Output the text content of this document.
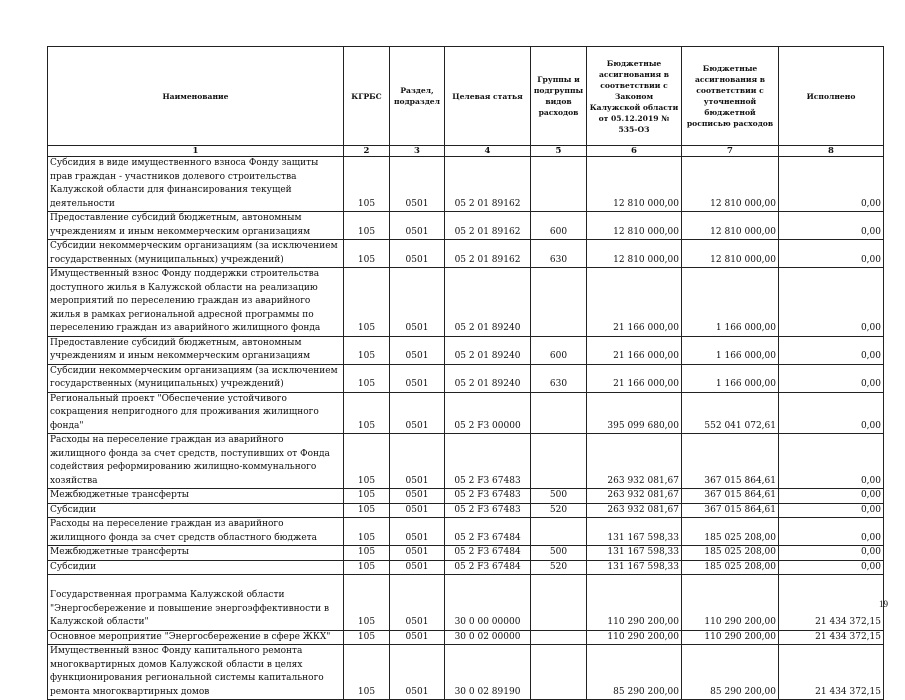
Наименование	КГРБС	Раздел, подраздел	Целевая статья	Группы и подгруппы видов расходов	Бюджетные ассигнования в соответствии с Законом Калужской области от 05.12.2019 № 535-ОЗ	Бюджетные ассигнования в соответствии с уточненной бюджетной росписью расходов	Исполнено
1	2	3	4	5	6	7	8
Субсидия в виде имущественного взноса Фонду защиты прав граждан - участников долевого строительства Калужской области для финансирования текущей деятельности	105	0501	05 2 01 89162		12 810 000,00	12 810 000,00	0,00
Предоставление субсидий бюджетным, автономным учреждениям и иным некоммерческим организациям	105	0501	05 2 01 89162	600	12 810 000,00	12 810 000,00	0,00
Субсидии некоммерческим организациям (за исключением государственных (муниципальных) учреждений)	105	0501	05 2 01 89162	630	12 810 000,00	12 810 000,00	0,00
Имущественный взнос Фонду поддержки строительства доступного жилья в Калужской области на реализацию мероприятий по переселению граждан из аварийного жилья в рамках региональной адресной программы по переселению граждан из аварийного жилищного фонда	105	0501	05 2 01 89240		21 166 000,00	1 166 000,00	0,00
Предоставление субсидий бюджетным, автономным учреждениям и иным некоммерческим организациям	105	0501	05 2 01 89240	600	21 166 000,00	1 166 000,00	0,00
Субсидии некоммерческим организациям (за исключением государственных (муниципальных) учреждений)	105	0501	05 2 01 89240	630	21 166 000,00	1 166 000,00	0,00
Региональный проект "Обеспечение устойчивого сокращения непригодного для проживания жилищного фонда"	105	0501	05 2 F3 00000		395 099 680,00	552 041 072,61	0,00
Расходы на переселение граждан из аварийного жилищного фонда за счет средств, поступивших от Фонда содействия реформированию жилищно-коммунального хозяйства	105	0501	05 2 F3 67483		263 932 081,67	367 015 864,61	0,00
Межбюджетные трансферты	105	0501	05 2 F3 67483	500	263 932 081,67	367 015 864,61	0,00
Субсидии	105	0501	05 2 F3 67483	520	263 932 081,67	367 015 864,61	0,00
Расходы на переселение граждан из аварийного жилищного фонда за счет средств областного бюджета	105	0501	05 2 F3 67484		131 167 598,33	185 025 208,00	0,00
Межбюджетные трансферты	105	0501	05 2 F3 67484	500	131 167 598,33	185 025 208,00	0,00
Субсидии	105	0501	05 2 F3 67484	520	131 167 598,33	185 025 208,00	0,00
Государственная программа Калужской области "Энергосбережение и повышение энергоэффективности в Калужской области"	105	0501	30 0 00 00000		110 290 200,00	110 290 200,00	21 434 372,15
Основное мероприятие "Энергосбережение в сфере ЖКХ"	105	0501	30 0 02 00000		110 290 200,00	110 290 200,00	21 434 372,15
Имущественный взнос Фонду капитального ремонта многоквартирных домов Калужской области в целях функционирования региональной системы капитального ремонта многоквартирных домов	105	0501	30 0 02 89190		85 290 200,00	85 290 200,00	21 434 372,15
19
